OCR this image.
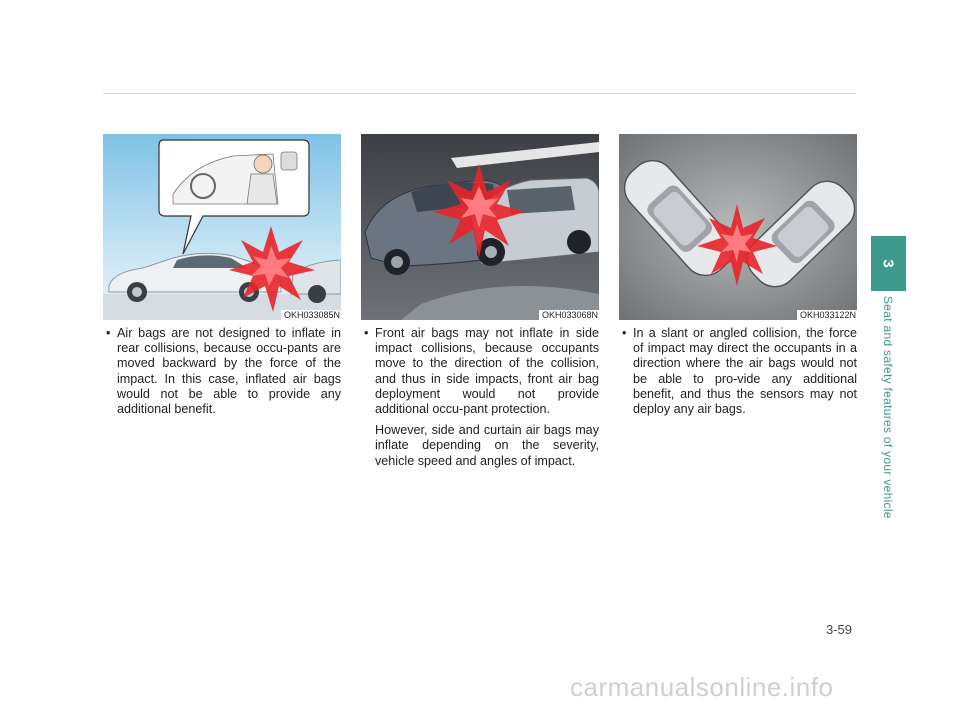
OKH033085N
• Air bags are not designed to inflate in rear collisions, because occu-pants are moved backward by the force of the impact. In this case, inflated air bags would not be able to provide any additional benefit.
OKH033068N
• Front air bags may not inflate in side impact collisions, because occupants move to the direction of the collision, and thus in side impacts, front air bag deployment would not provide additional occu-pant protection.
However, side and curtain air bags may inflate depending on the severity, vehicle speed and angles of impact.
OKH033122N
• In a slant or angled collision, the force of impact may direct the occupants in a direction where the air bags would not be able to pro-vide any additional benefit, and thus the sensors may not deploy any air bags.
3
Seat and safety features of your vehicle
3-59
carmanualsonline.info
